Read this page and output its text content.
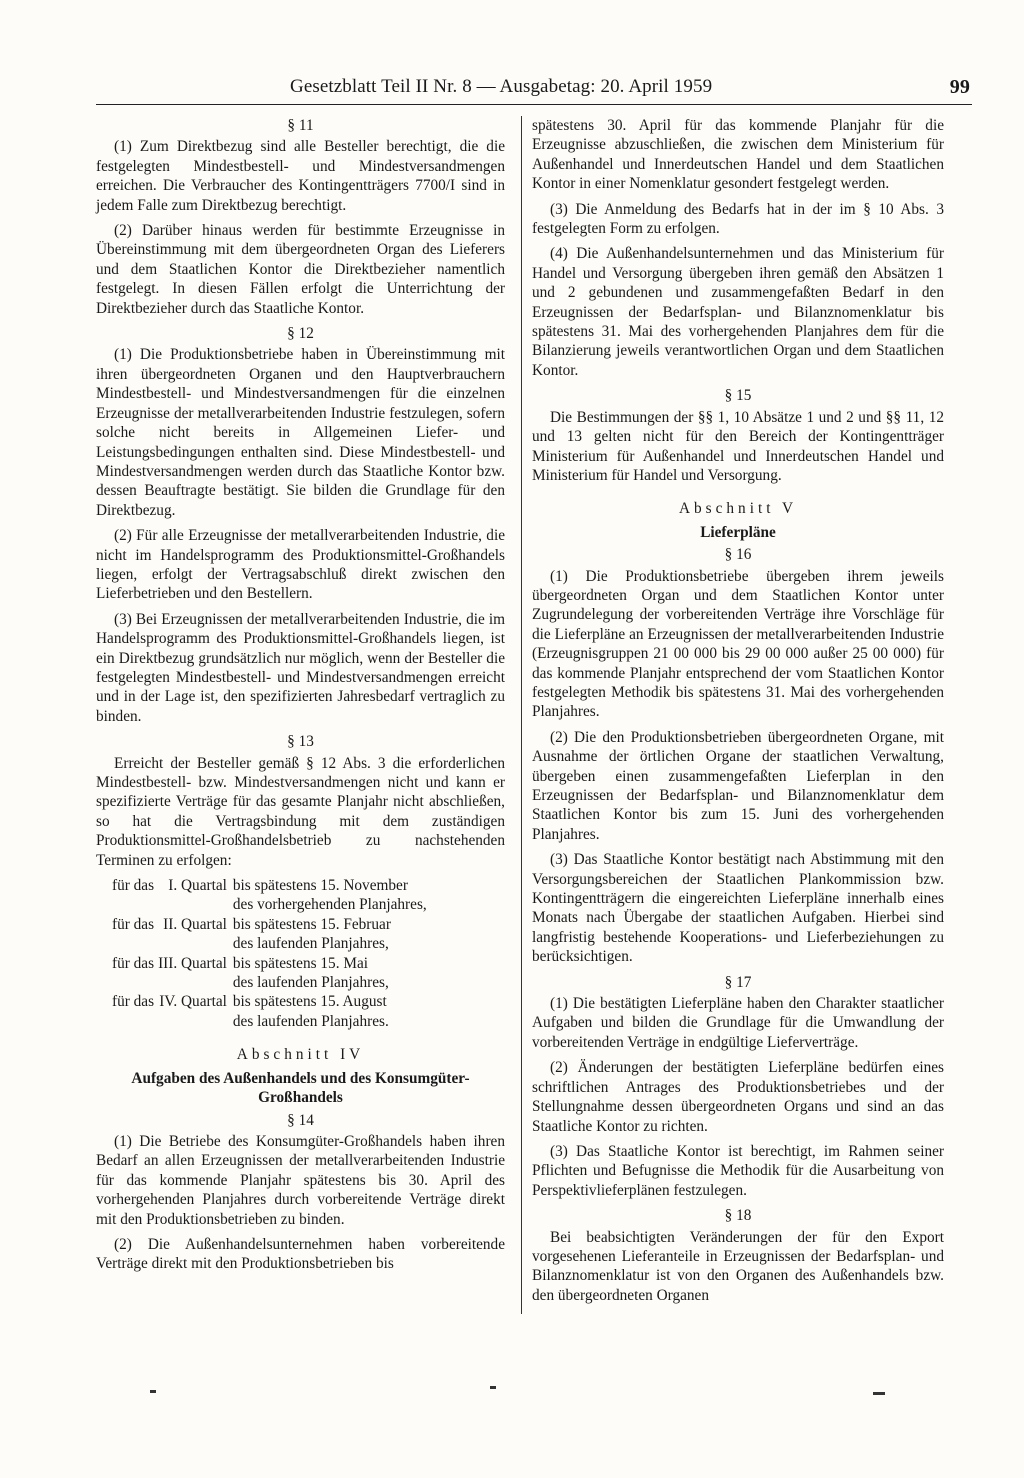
Gesetzblatt Teil II Nr. 8 — Ausgabetag: 20. April 1959	99
§ 11

(1) Zum Direktbezug sind alle Besteller berechtigt, die die festgelegten Mindestbestell- und Mindestversandmengen erreichen. Die Verbraucher des Kontingentträgers 7700/I sind in jedem Falle zum Direktbezug berechtigt.

(2) Darüber hinaus werden für bestimmte Erzeugnisse in Übereinstimmung mit dem übergeordneten Organ des Lieferers und dem Staatlichen Kontor die Direktbezieher namentlich festgelegt. In diesen Fällen erfolgt die Unterrichtung der Direktbezieher durch das Staatliche Kontor.

§ 12

(1) Die Produktionsbetriebe haben in Übereinstimmung mit ihren übergeordneten Organen und den Hauptverbrauchern Mindestbestell- und Mindestversandmengen für die einzelnen Erzeugnisse der metallverarbeitenden Industrie festzulegen, sofern solche nicht bereits in Allgemeinen Liefer- und Leistungsbedingungen enthalten sind. Diese Mindestbestell- und Mindestversandmengen werden durch das Staatliche Kontor bzw. dessen Beauftragte bestätigt. Sie bilden die Grundlage für den Direktbezug.

(2) Für alle Erzeugnisse der metallverarbeitenden Industrie, die nicht im Handelsprogramm des Produktionsmittel-Großhandels liegen, erfolgt der Vertragsabschluß direkt zwischen den Lieferbetrieben und den Bestellern.

(3) Bei Erzeugnissen der metallverarbeitenden Industrie, die im Handelsprogramm des Produktionsmittel-Großhandels liegen, ist ein Direktbezug grundsätzlich nur möglich, wenn der Besteller die festgelegten Mindestbestell- und Mindestversandmengen erreicht und in der Lage ist, den spezifizierten Jahresbedarf vertraglich zu binden.

§ 13

Erreicht der Besteller gemäß § 12 Abs. 3 die erforderlichen Mindestbestell- bzw. Mindestversandmengen nicht und kann er spezifizierte Verträge für das gesamte Planjahr nicht abschließen, so hat die Vertragsbindung mit dem zuständigen Produktionsmittel-Großhandelsbetrieb zu nachstehenden Terminen zu erfolgen:

für das	I. Quartal	bis spätestens 15. November
des vorhergehenden Planjahres,

für das	II. Quartal	bis spätestens 15. Februar
des laufenden Planjahres,

für das	III. Quartal	bis spätestens 15. Mai
des laufenden Planjahres,

für das	IV. Quartal	bis spätestens 15. August
des laufenden Planjahres.
Abschnitt IV
Aufgaben des Außenhandels und des Konsumgüter-Großhandels
§ 14

(1) Die Betriebe des Konsumgüter-Großhandels haben ihren Bedarf an allen Erzeugnissen der metallverarbeitenden Industrie für das kommende Planjahr spätestens bis 30. April des vorhergehenden Planjahres durch vorbereitende Verträge direkt mit den Produktionsbetrieben zu binden.

(2) Die Außenhandelsunternehmen haben vorbereitende Verträge direkt mit den Produktionsbetrieben bis

spätestens 30. April für das kommende Planjahr für die Erzeugnisse abzuschließen, die zwischen dem Ministerium für Außenhandel und Innerdeutschen Handel und dem Staatlichen Kontor in einer Nomenklatur gesondert festgelegt werden.

(3) Die Anmeldung des Bedarfs hat in der im § 10 Abs. 3 festgelegten Form zu erfolgen.

(4) Die Außenhandelsunternehmen und das Ministerium für Handel und Versorgung übergeben ihren gemäß den Absätzen 1 und 2 gebundenen und zusammengefaßten Bedarf in den Erzeugnissen der Bedarfsplan- und Bilanznomenklatur bis spätestens 31. Mai des vorhergehenden Planjahres dem für die Bilanzierung jeweils verantwortlichen Organ und dem Staatlichen Kontor.

§ 15

Die Bestimmungen der §§ 1, 10 Absätze 1 und 2 und §§ 11, 12 und 13 gelten nicht für den Bereich der Kontingentträger Ministerium für Außenhandel und Innerdeutschen Handel und Ministerium für Handel und Versorgung.

Abschnitt V
Lieferpläne
§ 16

(1) Die Produktionsbetriebe übergeben ihrem jeweils übergeordneten Organ und dem Staatlichen Kontor unter Zugrundelegung der vorbereitenden Verträge ihre Vorschläge für die Lieferpläne an Erzeugnissen der metallverarbeitenden Industrie (Erzeugnisgruppen 21 00 000 bis 29 00 000 außer 25 00 000) für das kommende Planjahr entsprechend der vom Staatlichen Kontor festgelegten Methodik bis spätestens 31. Mai des vorhergehenden Planjahres.

(2) Die den Produktionsbetrieben übergeordneten Organe, mit Ausnahme der örtlichen Organe der staatlichen Verwaltung, übergeben einen zusammengefaßten Lieferplan in den Erzeugnissen der Bedarfsplan- und Bilanznomenklatur dem Staatlichen Kontor bis zum 15. Juni des vorhergehenden Planjahres.

(3) Das Staatliche Kontor bestätigt nach Abstimmung mit den Versorgungsbereichen der Staatlichen Plankommission bzw. Kontingentträgern die eingereichten Lieferpläne innerhalb eines Monats nach Übergabe der staatlichen Aufgaben. Hierbei sind langfristig bestehende Kooperations- und Lieferbeziehungen zu berücksichtigen.

§ 17

(1) Die bestätigten Lieferpläne haben den Charakter staatlicher Aufgaben und bilden die Grundlage für die Umwandlung der vorbereitenden Verträge in endgültige Lieferverträge.

(2) Änderungen der bestätigten Lieferpläne bedürfen eines schriftlichen Antrages des Produktionsbetriebes und der Stellungnahme dessen übergeordneten Organs und sind an das Staatliche Kontor zu richten.

(3) Das Staatliche Kontor ist berechtigt, im Rahmen seiner Pflichten und Befugnisse die Methodik für die Ausarbeitung von Perspektivlieferplänen festzulegen.

§ 18

Bei beabsichtigten Veränderungen der für den Export vorgesehenen Lieferanteile in Erzeugnissen der Bedarfsplan- und Bilanznomenklatur ist von den Organen des Außenhandels bzw. den übergeordneten Organen
